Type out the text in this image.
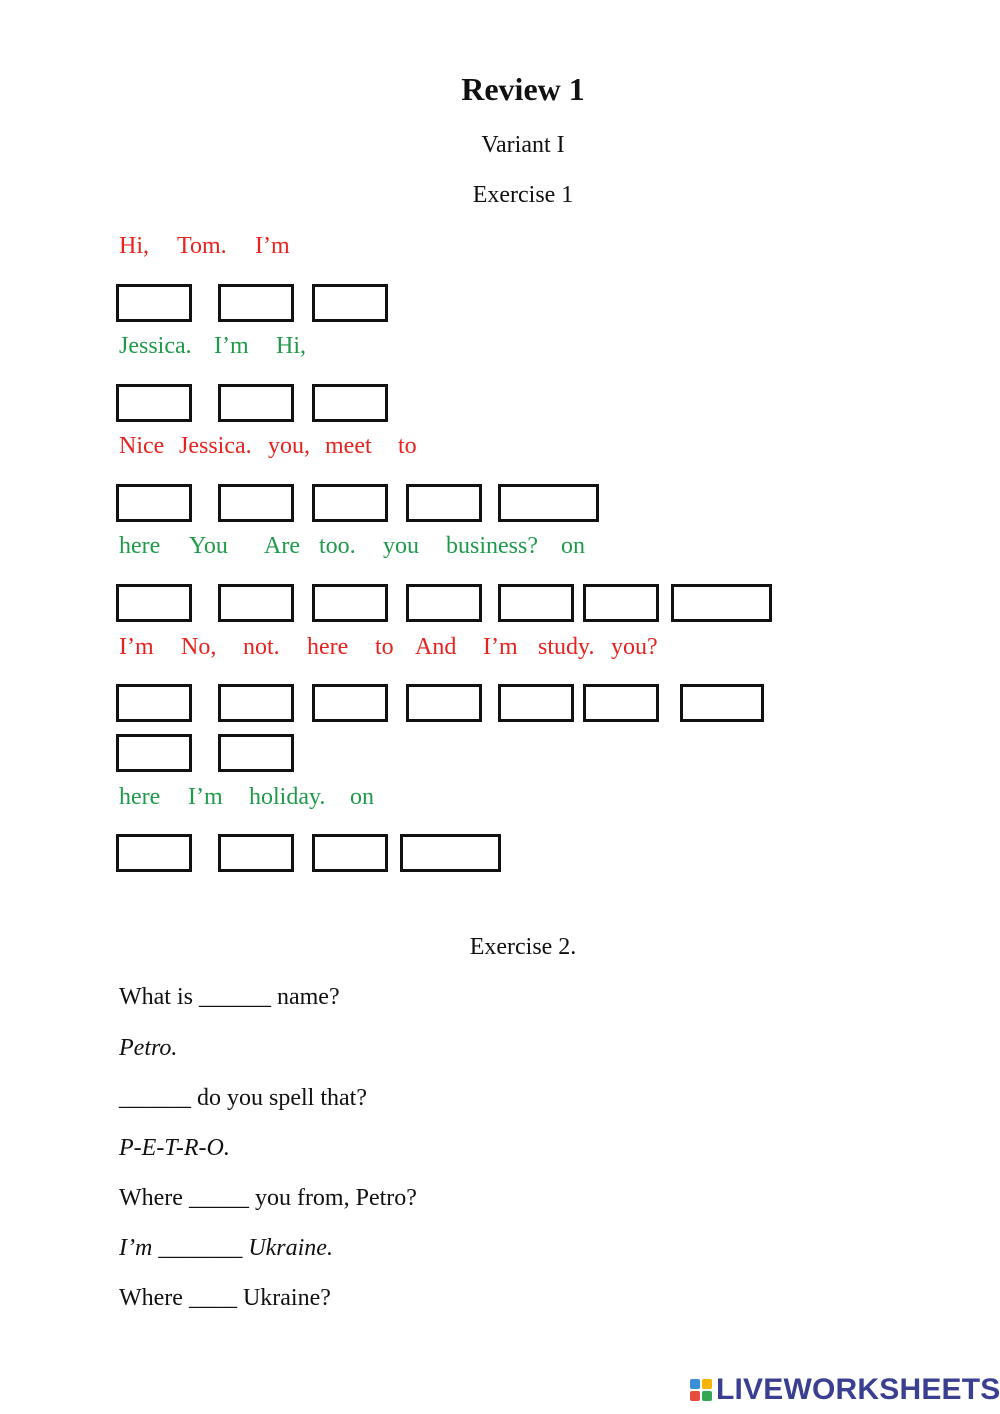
Review 1
Variant I
Exercise 1
Hi, Tom. I’m
Jessica. I’m Hi,
Nice Jessica. you, meet to
here You Are too. you business? on
I’m No, not. here to And I’m study. you?
here I’m holiday. on
Exercise 2.
What is ______ name?
Petro.
______ do you spell that?
P-E-T-R-O.
Where _____ you from, Petro?
I’m _______ Ukraine.
Where ____ Ukraine?
LIVEWORKSHEETS
